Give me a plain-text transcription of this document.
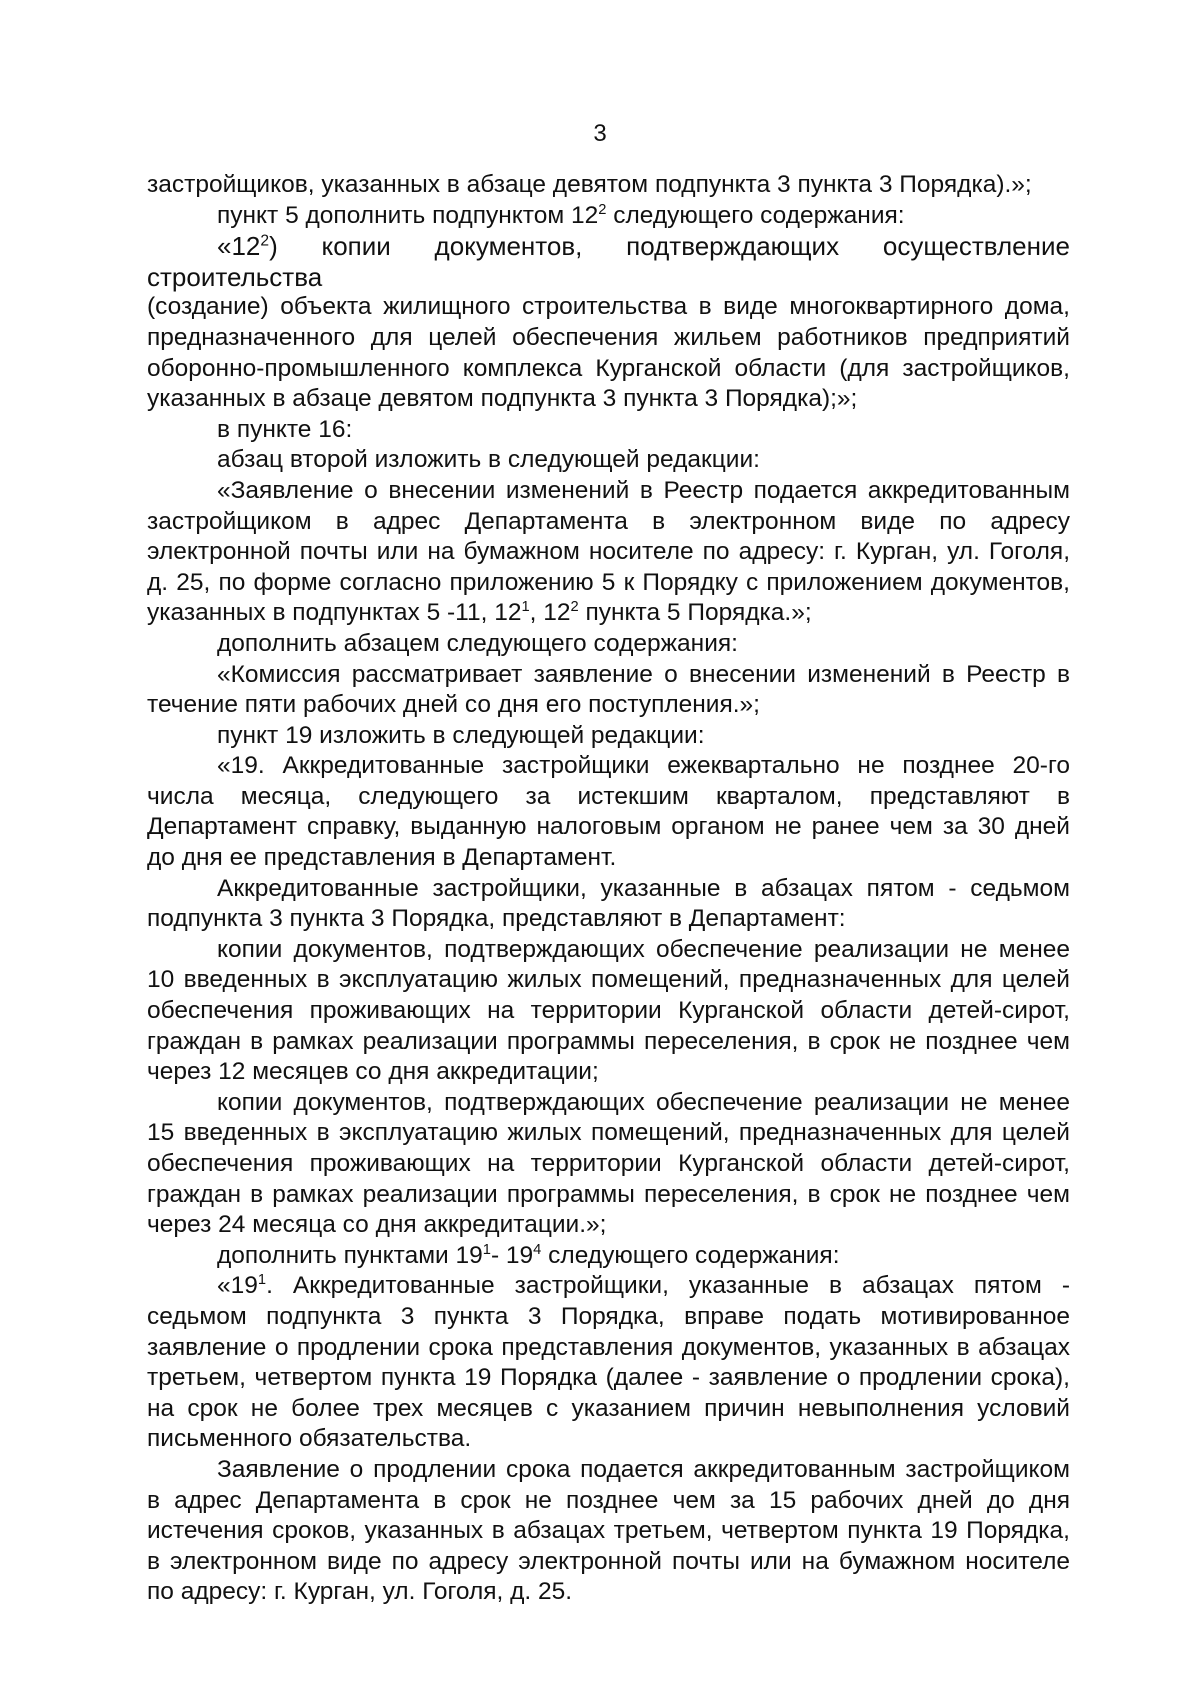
3

застройщиков, указанных в абзаце девятом подпункта 3 пункта 3 Порядка).»;

пункт 5 дополнить подпунктом $12^2$ следующего содержания:

«$12^2$) копии документов, подтверждающих осуществление строительства

(создание) объекта жилищного строительства в виде многоквартирного дома, предназначенного для целей обеспечения жильем работников предприятий оборонно-промышленного комплекса Курганской области (для застройщиков, указанных в абзаце девятом подпункта 3 пункта 3 Порядка);»;

в пункте 16:

абзац второй изложить в следующей редакции:

«Заявление о внесении изменений в Реестр подается аккредитованным застройщиком в адрес Департамента в электронном виде по адресу электронной почты или на бумажном носителе по адресу: г. Курган, ул. Гоголя, д. 25, по форме согласно приложению 5 к Порядку с приложением документов, указанных в подпунктах 5 -11, $12^1$, $12^2$ пункта 5 Порядка.»;

дополнить абзацем следующего содержания:

«Комиссия рассматривает заявление о внесении изменений в Реестр в течение пяти рабочих дней со дня его поступления.»;

пункт 19 изложить в следующей редакции:

«19. Аккредитованные застройщики ежеквартально не позднее 20-го числа месяца, следующего за истекшим кварталом, представляют в Департамент справку, выданную налоговым органом не ранее чем за 30 дней до дня ее представления в Департамент.

Аккредитованные застройщики, указанные в абзацах пятом - седьмом подпункта 3 пункта 3 Порядка, представляют в Департамент:

копии документов, подтверждающих обеспечение реализации не менее 10 введенных в эксплуатацию жилых помещений, предназначенных для целей обеспечения проживающих на территории Курганской области детей-сирот, граждан в рамках реализации программы переселения, в срок не позднее чем через 12 месяцев со дня аккредитации;

копии документов, подтверждающих обеспечение реализации не менее 15 введенных в эксплуатацию жилых помещений, предназначенных для целей обеспечения проживающих на территории Курганской области детей-сирот, граждан в рамках реализации программы переселения, в срок не позднее чем через 24 месяца со дня аккредитации.»;

дополнить пунктами $19^1-$ $19^4$ следующего содержания:

«$19^1$. Аккредитованные застройщики, указанные в абзацах пятом - седьмом подпункта 3 пункта 3 Порядка, вправе подать мотивированное заявление о продлении срока представления документов, указанных в абзацах третьем, четвертом пункта 19 Порядка (далее - заявление о продлении срока), на срок не более трех месяцев с указанием причин невыполнения условий письменного обязательства.

Заявление о продлении срока подается аккредитованным застройщиком в адрес Департамента в срок не позднее чем за 15 рабочих дней до дня истечения сроков, указанных в абзацах третьем, четвертом пункта 19 Порядка, в электронном виде по адресу электронной почты или на бумажном носителе по адресу: г. Курган, ул. Гоголя, д. 25.
